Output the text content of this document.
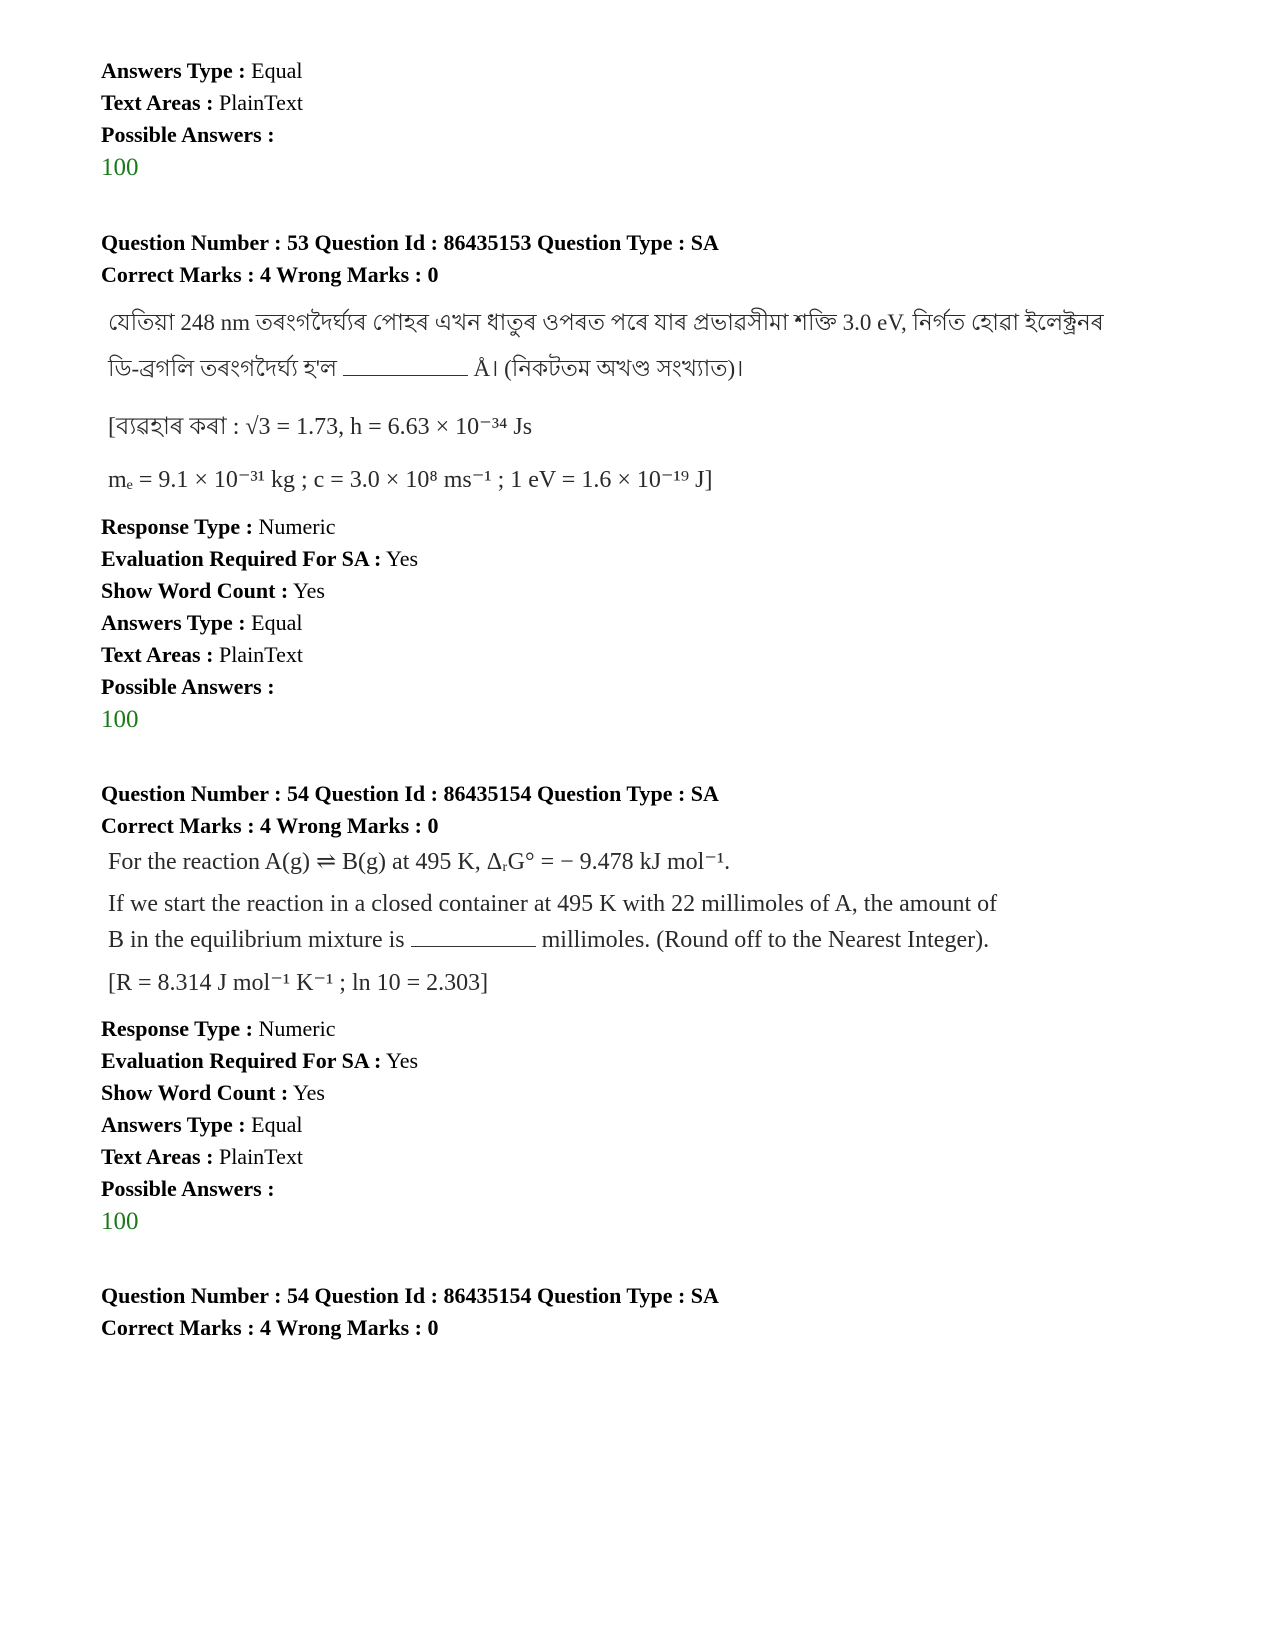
Answers Type : Equal
Text Areas : PlainText
Possible Answers :
100
Question Number : 53 Question Id : 86435153 Question Type : SA
Correct Marks : 4 Wrong Marks : 0
যেতিয়া 248 nm তৰংগদৈৰ্ঘ্যৰ পোহৰ এখন ধাতুৰ ওপৰত পৰে যাৰ প্ৰভাৱসীমা শক্তি 3.0 eV, নিৰ্গত হোৱা ইলেক্ট্ৰনৰ
ডি-ব্ৰগলি তৰংগদৈৰ্ঘ্য হ'ল	Å। (নিকটতম অখণ্ড সংখ্যাত)।
[ব্যৱহাৰ কৰা : √3 = 1.73, h = 6.63 × 10⁻³⁴ Js
mₑ = 9.1 × 10⁻³¹ kg ; c = 3.0 × 10⁸ ms⁻¹ ; 1 eV = 1.6 × 10⁻¹⁹ J]
Response Type : Numeric
Evaluation Required For SA : Yes
Show Word Count : Yes
Answers Type : Equal
Text Areas : PlainText
Possible Answers :
100
Question Number : 54 Question Id : 86435154 Question Type : SA
Correct Marks : 4 Wrong Marks : 0
For the reaction A(g) ⇌ B(g) at 495 K, ΔᵣG° = − 9.478 kJ mol⁻¹.
If we start the reaction in a closed container at 495 K with 22 millimoles of A, the amount of
B in the equilibrium mixture is	millimoles. (Round off to the Nearest Integer).
[R = 8.314 J mol⁻¹ K⁻¹ ; ln 10 = 2.303]
Response Type : Numeric
Evaluation Required For SA : Yes
Show Word Count : Yes
Answers Type : Equal
Text Areas : PlainText
Possible Answers :
100
Question Number : 54 Question Id : 86435154 Question Type : SA
Correct Marks : 4 Wrong Marks : 0
